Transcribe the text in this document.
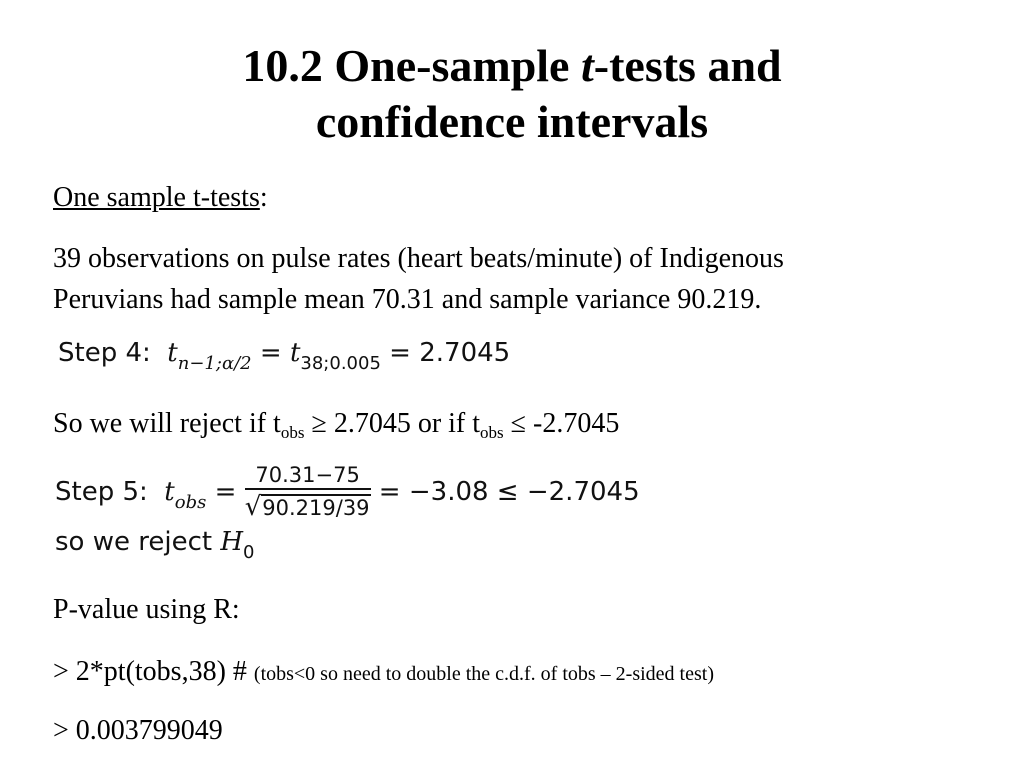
10.2 One-sample t-tests and
confidence intervals
One sample t-tests:
39 observations on pulse rates (heart beats/minute) of Indigenous
Peruvians had sample mean 70.31 and sample variance 90.219.
Step 4: $t_{n-1;\alpha/2} = t_{38;0.005} = 2.7045$
So we will reject if $t_{obs} \ge 2.7045$ or if $t_{obs} \le -2.7045$
Step 5: $t_{obs} = \frac{70.31-75}{√90.219/39} = -3.08 \le -2.7045$
so we reject $H_0$
P-value using R:
> 2*pt(tobs,38) # (tobs<0 so need to double the c.d.f. of tobs – 2-sided test)
> 0.003799049
